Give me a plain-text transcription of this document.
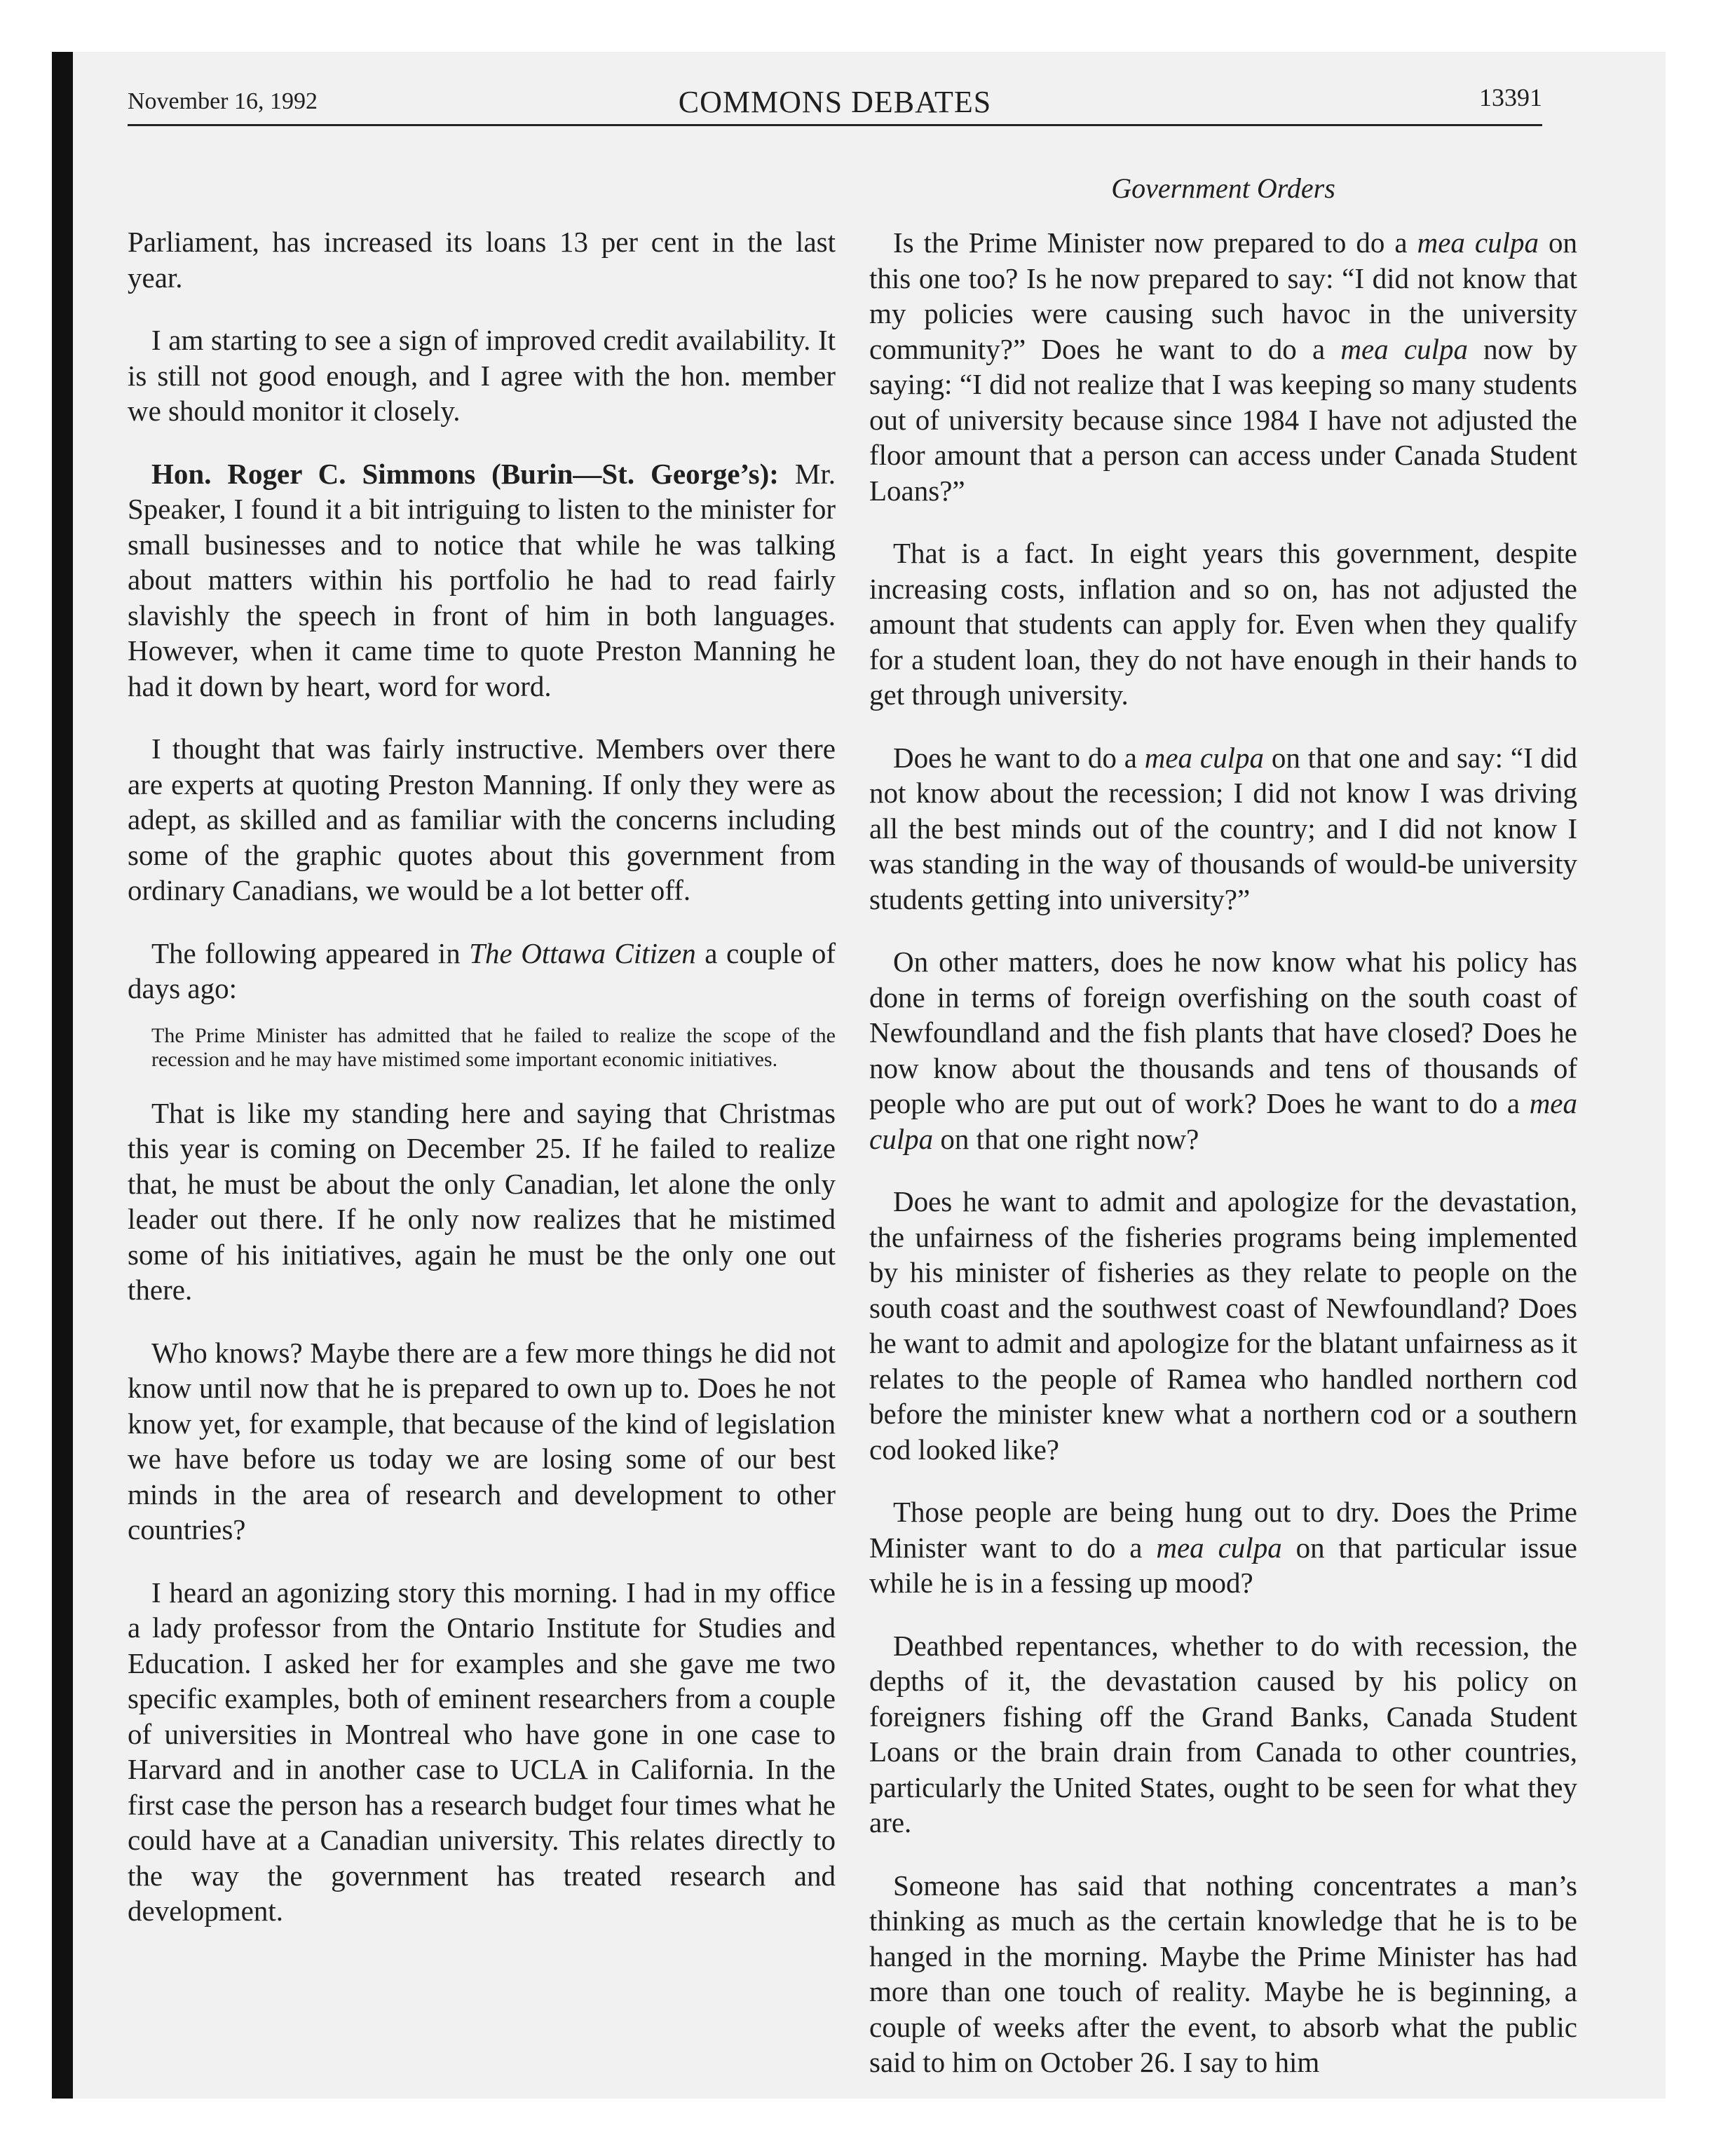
November 16, 1992	COMMONS DEBATES	13391

Parliament, has increased its loans 13 per cent in the last year.

I am starting to see a sign of improved credit availability. It is still not good enough, and I agree with the hon. member we should monitor it closely.

Hon. Roger C. Simmons (Burin—St. George’s): Mr. Speaker, I found it a bit intriguing to listen to the minister for small businesses and to notice that while he was talking about matters within his portfolio he had to read fairly slavishly the speech in front of him in both languages. However, when it came time to quote Preston Manning he had it down by heart, word for word.

I thought that was fairly instructive. Members over there are experts at quoting Preston Manning. If only they were as adept, as skilled and as familiar with the concerns including some of the graphic quotes about this government from ordinary Canadians, we would be a lot better off.

The following appeared in The Ottawa Citizen a couple of days ago:

The Prime Minister has admitted that he failed to realize the scope of the recession and he may have mistimed some important economic initiatives.

That is like my standing here and saying that Christmas this year is coming on December 25. If he failed to realize that, he must be about the only Canadian, let alone the only leader out there. If he only now realizes that he mistimed some of his initiatives, again he must be the only one out there.

Who knows? Maybe there are a few more things he did not know until now that he is prepared to own up to. Does he not know yet, for example, that because of the kind of legislation we have before us today we are losing some of our best minds in the area of research and development to other countries?

I heard an agonizing story this morning. I had in my office a lady professor from the Ontario Institute for Studies and Education. I asked her for examples and she gave me two specific examples, both of eminent researchers from a couple of universities in Montreal who have gone in one case to Harvard and in another case to UCLA in California. In the first case the person has a research budget four times what he could have at a Canadian university. This relates directly to the way the government has treated research and development.

Government Orders

Is the Prime Minister now prepared to do a mea culpa on this one too? Is he now prepared to say: “I did not know that my policies were causing such havoc in the university community?” Does he want to do a mea culpa now by saying: “I did not realize that I was keeping so many students out of university because since 1984 I have not adjusted the floor amount that a person can access under Canada Student Loans?”

That is a fact. In eight years this government, despite increasing costs, inflation and so on, has not adjusted the amount that students can apply for. Even when they qualify for a student loan, they do not have enough in their hands to get through university.

Does he want to do a mea culpa on that one and say: “I did not know about the recession; I did not know I was driving all the best minds out of the country; and I did not know I was standing in the way of thousands of would-be university students getting into university?”

On other matters, does he now know what his policy has done in terms of foreign overfishing on the south coast of Newfoundland and the fish plants that have closed? Does he now know about the thousands and tens of thousands of people who are put out of work? Does he want to do a mea culpa on that one right now?

Does he want to admit and apologize for the devastation, the unfairness of the fisheries programs being implemented by his minister of fisheries as they relate to people on the south coast and the southwest coast of Newfoundland? Does he want to admit and apologize for the blatant unfairness as it relates to the people of Ramea who handled northern cod before the minister knew what a northern cod or a southern cod looked like?

Those people are being hung out to dry. Does the Prime Minister want to do a mea culpa on that particular issue while he is in a fessing up mood?

Deathbed repentances, whether to do with recession, the depths of it, the devastation caused by his policy on foreigners fishing off the Grand Banks, Canada Student Loans or the brain drain from Canada to other countries, particularly the United States, ought to be seen for what they are.

Someone has said that nothing concentrates a man’s thinking as much as the certain knowledge that he is to be hanged in the morning. Maybe the Prime Minister has had more than one touch of reality. Maybe he is beginning, a couple of weeks after the event, to absorb what the public said to him on October 26. I say to him
